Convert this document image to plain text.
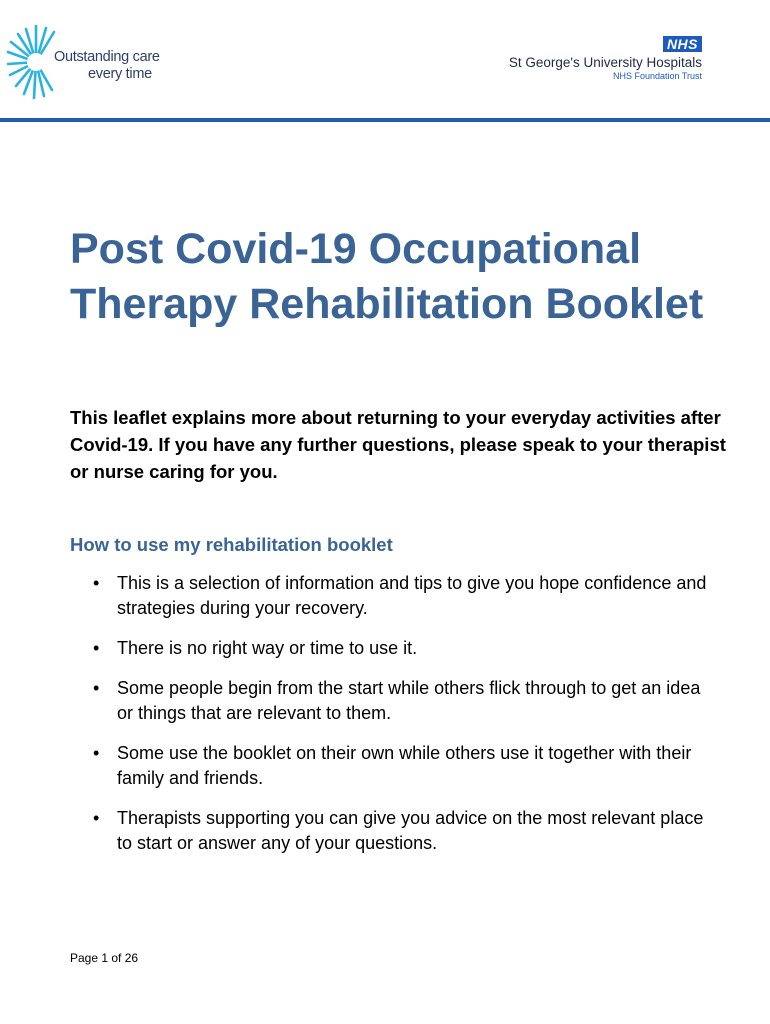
Outstanding care
every time
NHS
St George's University Hospitals
NHS Foundation Trust
Post Covid-19 Occupational Therapy Rehabilitation Booklet

This leaflet explains more about returning to your everyday activities after Covid-19. If you have any further questions, please speak to your therapist or nurse caring for you.

How to use my rehabilitation booklet
• This is a selection of information and tips to give you hope confidence and strategies during your recovery.
• There is no right way or time to use it.
• Some people begin from the start while others flick through to get an idea or things that are relevant to them.
• Some use the booklet on their own while others use it together with their family and friends.
• Therapists supporting you can give you advice on the most relevant place to start or answer any of your questions.
Page 1 of 26
